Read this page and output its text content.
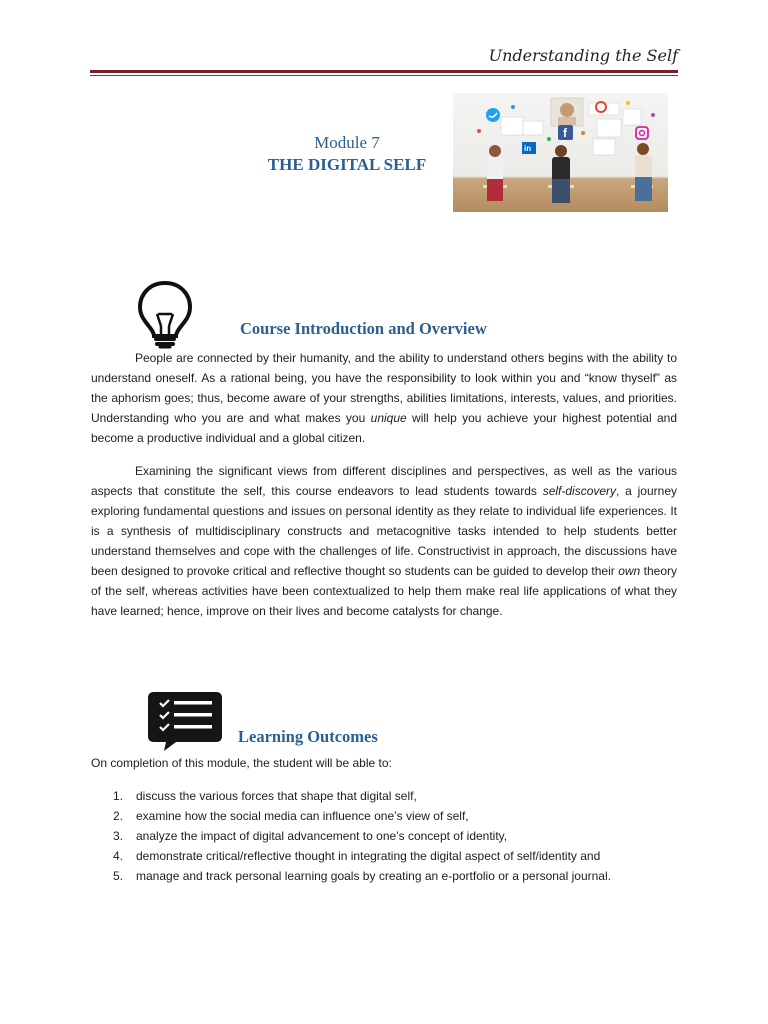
Understanding the Self
Module 7
THE DIGITAL SELF
f
in
Course Introduction and Overview

People are connected by their humanity, and the ability to understand others begins with the ability to understand oneself. As a rational being, you have the responsibility to look within you and “know thyself” as the aphorism goes; thus, become aware of your strengths, abilities limitations, interests, values, and priorities. Understanding who you are and what makes you unique will help you achieve your highest potential and become a productive individual and a global citizen.

Examining the significant views from different disciplines and perspectives, as well as the various aspects that constitute the self, this course endeavors to lead students towards self-discovery, a journey exploring fundamental questions and issues on personal identity as they relate to individual life experiences. It is a synthesis of multidisciplinary constructs and metacognitive tasks intended to help students better understand themselves and cope with the challenges of life. Constructivist in approach, the discussions have been designed to provoke critical and reflective thought so students can be guided to develop their own theory of the self, whereas activities have been contextualized to help them make real life applications of what they have learned; hence, improve on their lives and become catalysts for change.

Learning Outcomes

On completion of this module, the student will be able to:

1. discuss the various forces that shape that digital self,
2. examine how the social media can influence one’s view of self,
3. analyze the impact of digital advancement to one’s concept of identity,
4. demonstrate critical/reflective thought in integrating the digital aspect of self/identity and
5. manage and track personal learning goals by creating an e-portfolio or a personal journal.
